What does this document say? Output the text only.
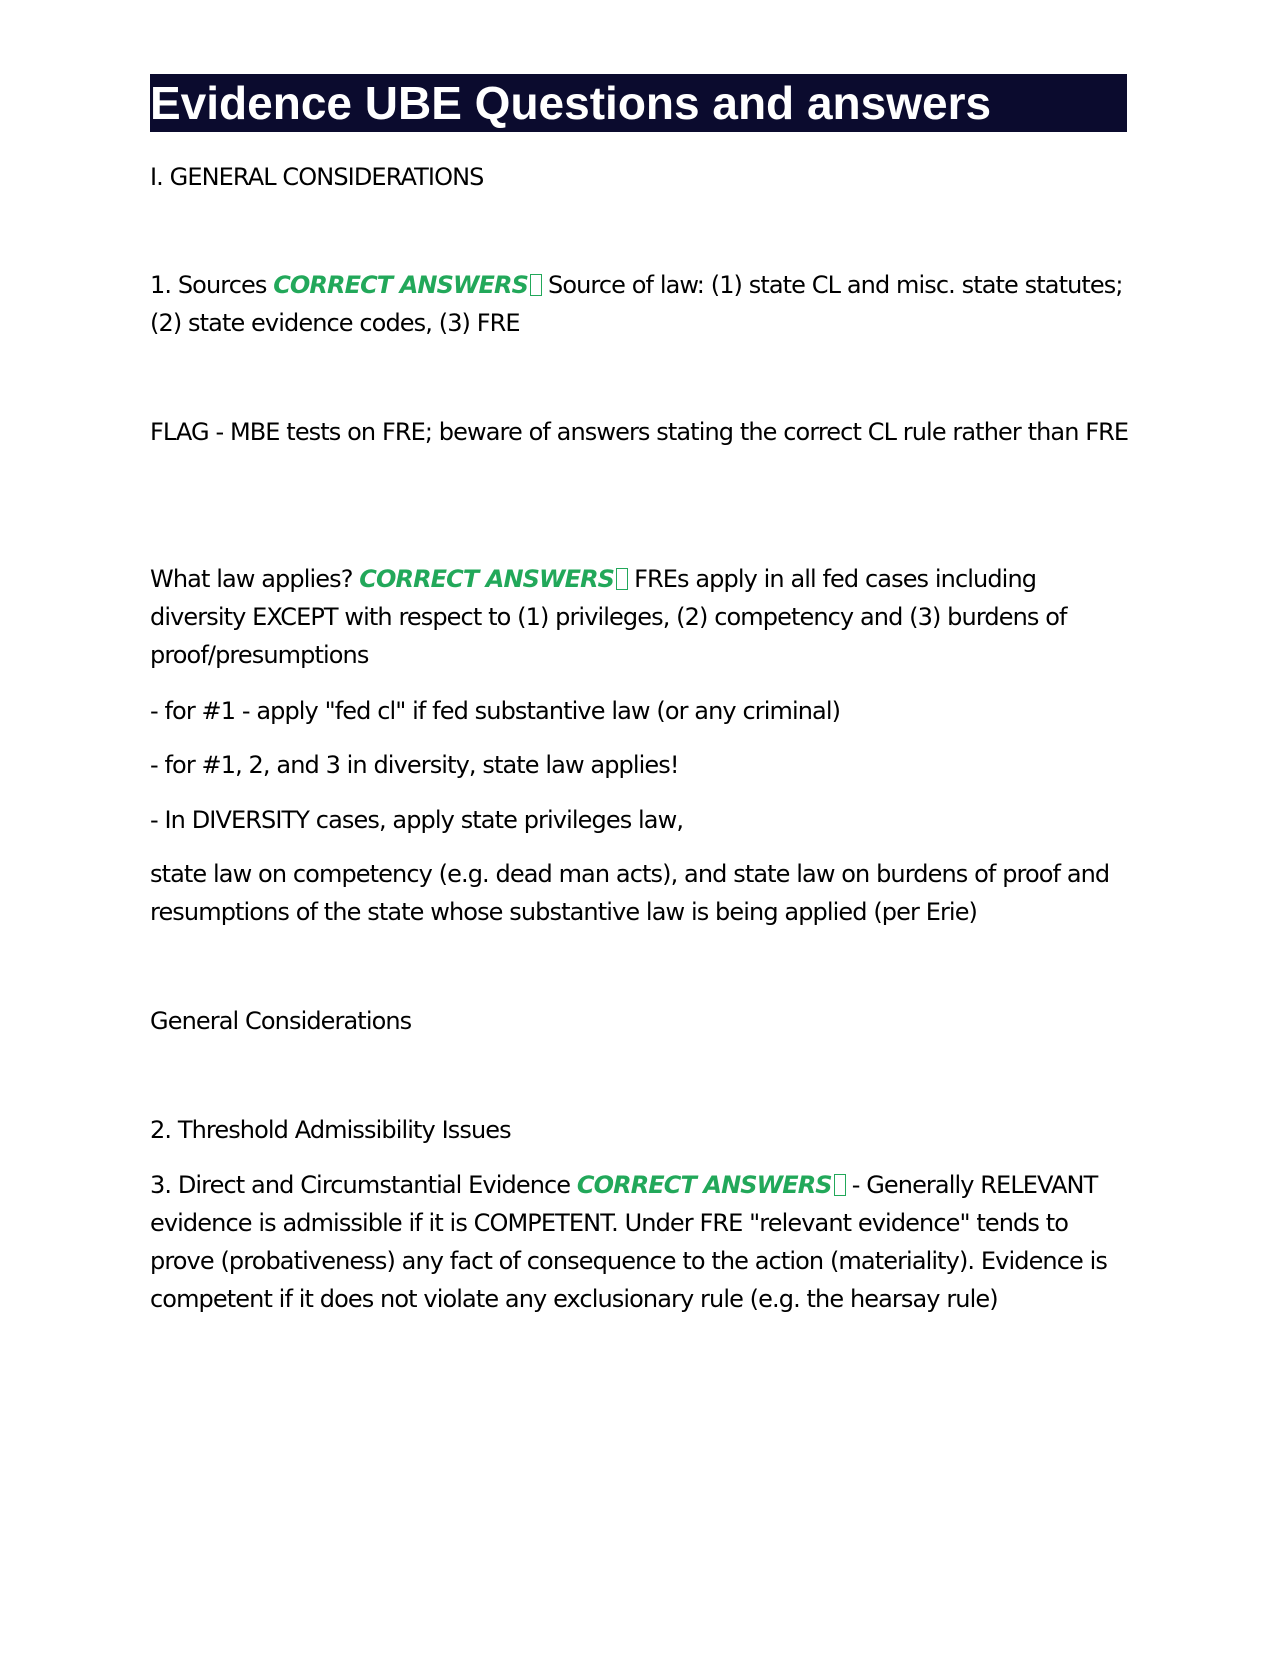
Evidence UBE Questions and answers

I. GENERAL CONSIDERATIONS

1. Sources CORRECT ANSWERS Source of law: (1) state CL and misc. state statutes; (2) state evidence codes, (3) FRE

FLAG - MBE tests on FRE; beware of answers stating the correct CL rule rather than FRE

What law applies? CORRECT ANSWERS FREs apply in all fed cases including diversity EXCEPT with respect to (1) privileges, (2) competency and (3) burdens of proof/presumptions

- for #1 - apply "fed cl" if fed substantive law (or any criminal)

- for #1, 2, and 3 in diversity, state law applies!

- In DIVERSITY cases, apply state privileges law,

state law on competency (e.g. dead man acts), and state law on burdens of proof and resumptions of the state whose substantive law is being applied (per Erie)

General Considerations

2. Threshold Admissibility Issues

3. Direct and Circumstantial Evidence CORRECT ANSWERS - Generally RELEVANT evidence is admissible if it is COMPETENT. Under FRE "relevant evidence" tends to prove (probativeness) any fact of consequence to the action (materiality). Evidence is competent if it does not violate any exclusionary rule (e.g. the hearsay rule)
